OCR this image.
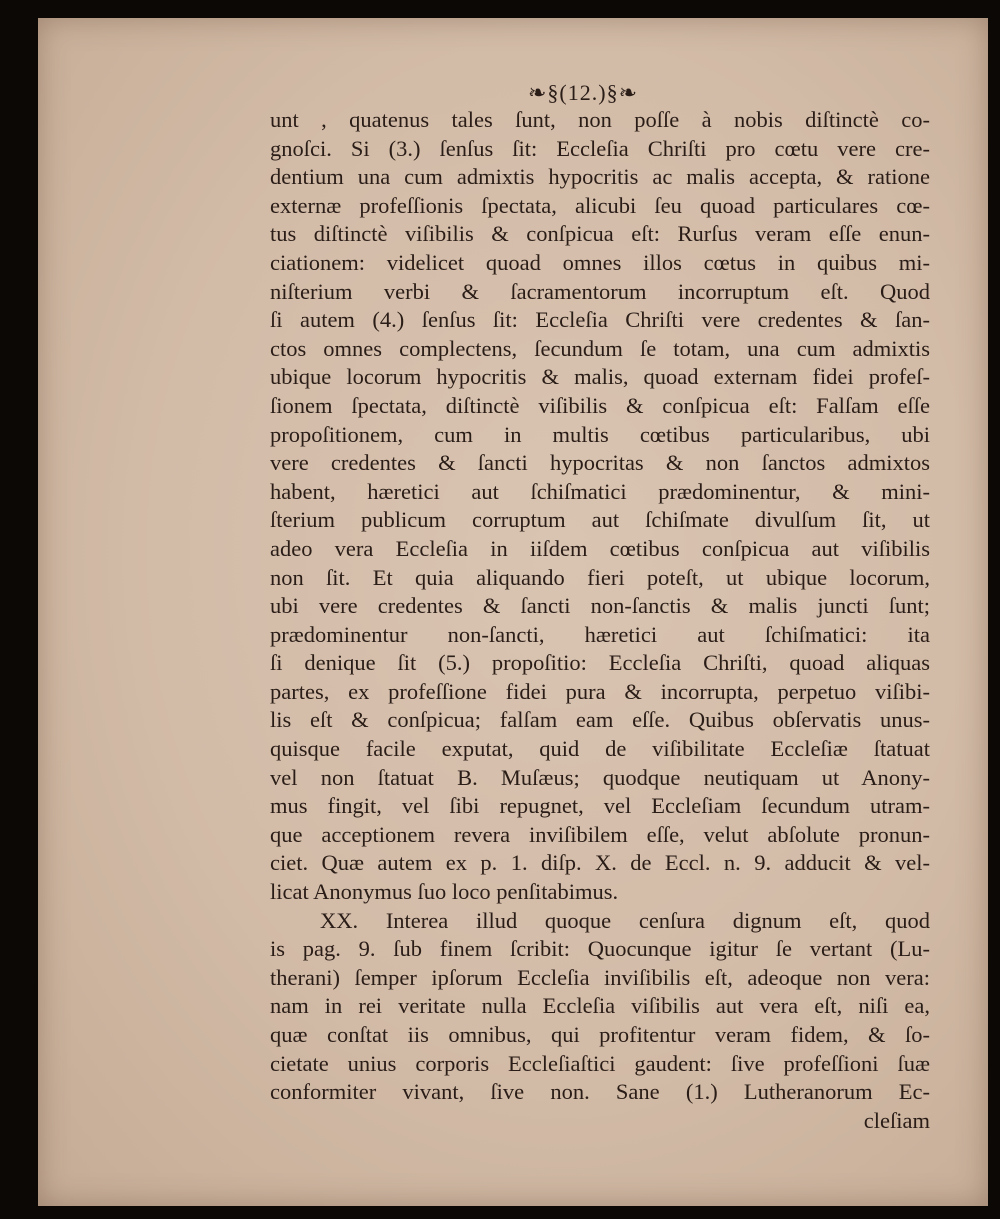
❧§(12.)§❧
unt , quatenus tales ſunt, non poſſe à nobis diſtinctè co-
gnoſci. Si (3.) ſenſus ſit: Eccleſia Chriſti pro cœtu vere cre-
dentium una cum admixtis hypocritis ac malis accepta, & ratione
externæ profeſſionis ſpectata, alicubi ſeu quoad particulares cœ-
tus diſtinctè viſibilis & conſpicua eſt: Rurſus veram eſſe enun-
ciationem: videlicet quoad omnes illos cœtus in quibus mi-
niſterium verbi & ſacramentorum incorruptum eſt. Quod
ſi autem (4.) ſenſus ſit: Eccleſia Chriſti vere credentes & ſan-
ctos omnes complectens, ſecundum ſe totam, una cum admixtis
ubique locorum hypocritis & malis, quoad externam fidei profeſ-
ſionem ſpectata, diſtinctè viſibilis & conſpicua eſt: Falſam eſſe
propoſitionem, cum in multis cœtibus particularibus, ubi
vere credentes & ſancti hypocritas & non ſanctos admixtos
habent, hæretici aut ſchiſmatici prædominentur, & mini-
ſterium publicum corruptum aut ſchiſmate divulſum ſit, ut
adeo vera Eccleſia in iiſdem cœtibus conſpicua aut viſibilis
non ſit. Et quia aliquando fieri poteſt, ut ubique locorum,
ubi vere credentes & ſancti non-ſanctis & malis juncti ſunt;
prædominentur non-ſancti, hæretici aut ſchiſmatici: ita
ſi denique ſit (5.) propoſitio: Eccleſia Chriſti, quoad aliquas
partes, ex profeſſione fidei pura & incorrupta, perpetuo viſibi-
lis eſt & conſpicua; falſam eam eſſe. Quibus obſervatis unus-
quisque facile exputat, quid de viſibilitate Eccleſiæ ſtatuat
vel non ſtatuat B. Muſæus; quodque neutiquam ut Anony-
mus fingit, vel ſibi repugnet, vel Eccleſiam ſecundum utram-
que acceptionem revera inviſibilem eſſe, velut abſolute pronun-
ciet. Quæ autem ex p. 1. diſp. X. de Eccl. n. 9. adducit & vel-
licat Anonymus ſuo loco penſitabimus.
XX. Interea illud quoque cenſura dignum eſt, quod
is pag. 9. ſub finem ſcribit: Quocunque igitur ſe vertant (Lu-
therani) ſemper ipſorum Eccleſia inviſibilis eſt, adeoque non vera:
nam in rei veritate nulla Eccleſia viſibilis aut vera eſt, niſi ea,
quæ conſtat iis omnibus, qui profitentur veram fidem, & ſo-
cietate unius corporis Eccleſiaſtici gaudent: ſive profeſſioni ſuæ
conformiter vivant, ſive non. Sane (1.) Lutheranorum Ec-
cleſiam
